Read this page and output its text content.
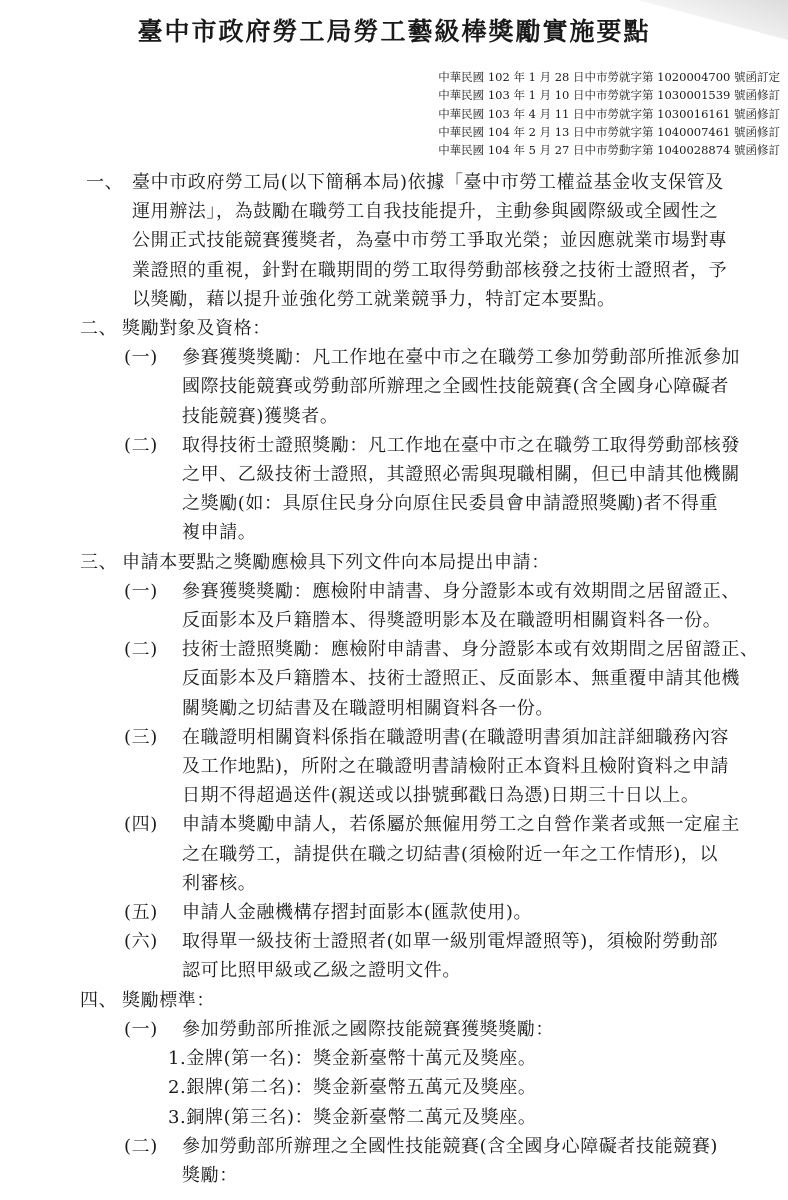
臺中市政府勞工局勞工藝級棒獎勵實施要點
中華民國 102 年 1 月 28 日中市勞就字第 1020004700 號函訂定
中華民國 103 年 1 月 10 日中市勞就字第 1030001539 號函修訂
中華民國 103 年 4 月 11 日中市勞就字第 1030016161 號函修訂
中華民國 104 年 2 月 13 日中市勞就字第 1040007461 號函修訂
中華民國 104 年 5 月 27 日中市勞動字第 1040028874 號函修訂
一、 臺中市政府勞工局(以下簡稱本局)依據「臺中市勞工權益基金收支保管及
運用辦法」，為鼓勵在職勞工自我技能提升，主動參與國際級或全國性之
公開正式技能競賽獲獎者，為臺中市勞工爭取光榮；並因應就業市場對專
業證照的重視，針對在職期間的勞工取得勞動部核發之技術士證照者，予
以獎勵，藉以提升並強化勞工就業競爭力，特訂定本要點。
二、 獎勵對象及資格：
(一) 參賽獲獎獎勵：凡工作地在臺中市之在職勞工參加勞動部所推派參加
國際技能競賽或勞動部所辦理之全國性技能競賽(含全國身心障礙者
技能競賽)獲獎者。
(二) 取得技術士證照獎勵：凡工作地在臺中市之在職勞工取得勞動部核發
之甲、乙級技術士證照，其證照必需與現職相關，但已申請其他機關
之獎勵(如：具原住民身分向原住民委員會申請證照獎勵)者不得重
複申請。
三、 申請本要點之獎勵應檢具下列文件向本局提出申請：
(一) 參賽獲獎獎勵：應檢附申請書、身分證影本或有效期間之居留證正、
反面影本及戶籍謄本、得獎證明影本及在職證明相關資料各一份。
(二) 技術士證照獎勵：應檢附申請書、身分證影本或有效期間之居留證正、
反面影本及戶籍謄本、技術士證照正、反面影本、無重覆申請其他機
關獎勵之切結書及在職證明相關資料各一份。
(三) 在職證明相關資料係指在職證明書(在職證明書須加註詳細職務內容
及工作地點)，所附之在職證明書請檢附正本資料且檢附資料之申請
日期不得超過送件(親送或以掛號郵戳日為憑)日期三十日以上。
(四) 申請本獎勵申請人，若係屬於無僱用勞工之自營作業者或無一定雇主
之在職勞工，請提供在職之切結書(須檢附近一年之工作情形)，以
利審核。
(五) 申請人金融機構存摺封面影本(匯款使用)。
(六) 取得單一級技術士證照者(如單一級別電焊證照等)，須檢附勞動部
認可比照甲級或乙級之證明文件。
四、 獎勵標準：
(一) 參加勞動部所推派之國際技能競賽獲獎獎勵：
1.金牌(第一名)：獎金新臺幣十萬元及獎座。
2.銀牌(第二名)：獎金新臺幣五萬元及獎座。
3.銅牌(第三名)：獎金新臺幣二萬元及獎座。
(二) 參加勞動部所辦理之全國性技能競賽(含全國身心障礙者技能競賽)
獎勵：
